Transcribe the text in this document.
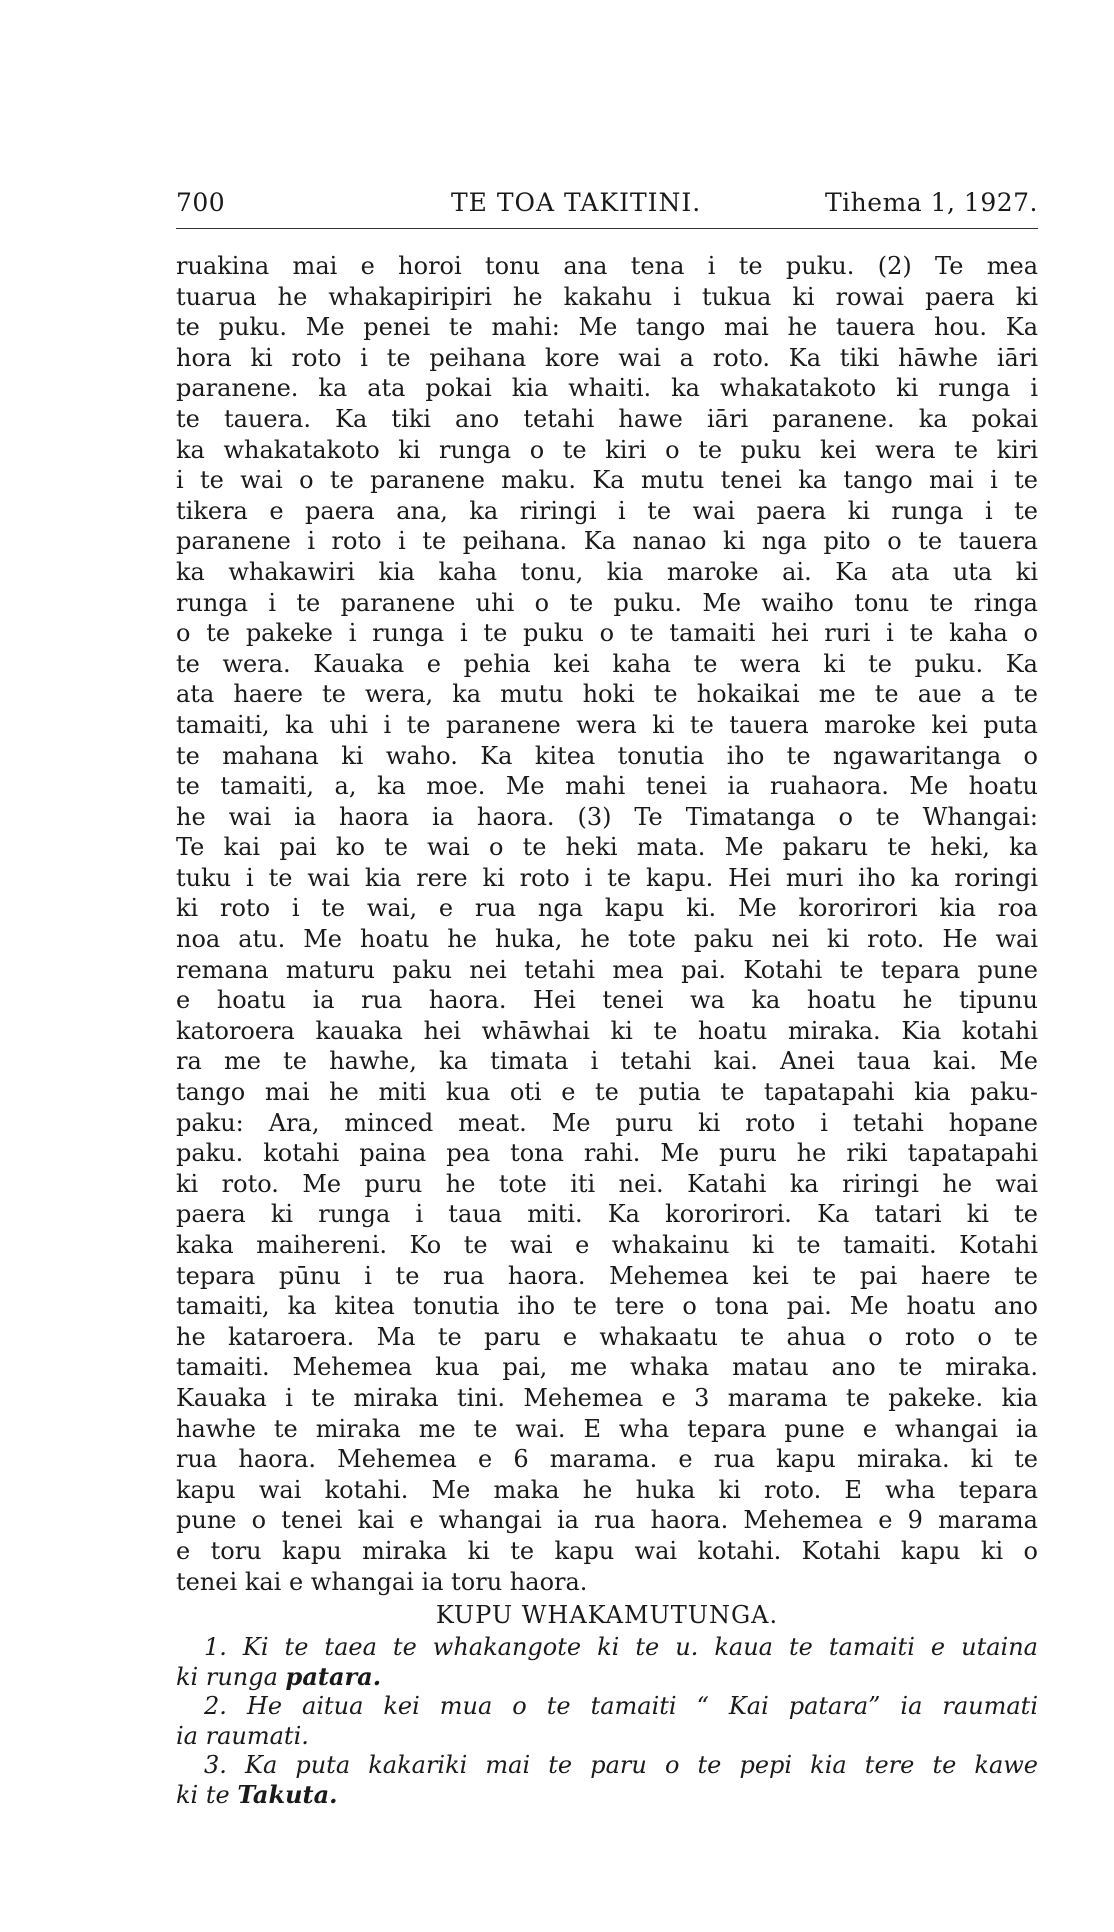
700	TE TOA TAKITINI.	Tihema 1, 1927.

ruakina mai e horoi tonu ana tena i te puku. (2) Te mea

tuarua he whakapiripiri he kakahu i tukua ki rowai paera ki

te puku. Me penei te mahi: Me tango mai he tauera hou. Ka

hora ki roto i te peihana kore wai a roto. Ka tiki hāwhe iāri

paranene. ka ata pokai kia whaiti. ka whakatakoto ki runga i

te tauera. Ka tiki ano tetahi hawe iāri paranene. ka pokai

ka whakatakoto ki runga o te kiri o te puku kei wera te kiri

i te wai o te paranene maku. Ka mutu tenei ka tango mai i te

tikera e paera ana, ka riringi i te wai paera ki runga i te

paranene i roto i te peihana. Ka nanao ki nga pito o te tauera

ka whakawiri kia kaha tonu, kia maroke ai. Ka ata uta ki

runga i te paranene uhi o te puku. Me waiho tonu te ringa

o te pakeke i runga i te puku o te tamaiti hei ruri i te kaha o

te wera. Kauaka e pehia kei kaha te wera ki te puku. Ka

ata haere te wera, ka mutu hoki te hokaikai me te aue a te

tamaiti, ka uhi i te paranene wera ki te tauera maroke kei puta

te mahana ki waho. Ka kitea tonutia iho te ngawaritanga o

te tamaiti, a, ka moe. Me mahi tenei ia ruahaora. Me hoatu

he wai ia haora ia haora. (3) Te Timatanga o te Whangai:

Te kai pai ko te wai o te heki mata. Me pakaru te heki, ka

tuku i te wai kia rere ki roto i te kapu. Hei muri iho ka roringi

ki roto i te wai, e rua nga kapu ki. Me kororirori kia roa

noa atu. Me hoatu he huka, he tote paku nei ki roto. He wai

remana maturu paku nei tetahi mea pai. Kotahi te tepara pune

e hoatu ia rua haora. Hei tenei wa ka hoatu he tipunu

katoroera kauaka hei whāwhai ki te hoatu miraka. Kia kotahi

ra me te hawhe, ka timata i tetahi kai. Anei taua kai. Me

tango mai he miti kua oti e te putia te tapatapahi kia paku-

paku: Ara, minced meat. Me puru ki roto i tetahi hopane

paku. kotahi paina pea tona rahi. Me puru he riki tapatapahi

ki roto. Me puru he tote iti nei. Katahi ka riringi he wai

paera ki runga i taua miti. Ka kororirori. Ka tatari ki te

kaka maihereni. Ko te wai e whakainu ki te tamaiti. Kotahi

tepara pūnu i te rua haora. Mehemea kei te pai haere te

tamaiti, ka kitea tonutia iho te tere o tona pai. Me hoatu ano

he kataroera. Ma te paru e whakaatu te ahua o roto o te

tamaiti. Mehemea kua pai, me whaka matau ano te miraka.

Kauaka i te miraka tini. Mehemea e 3 marama te pakeke. kia

hawhe te miraka me te wai. E wha tepara pune e whangai ia

rua haora. Mehemea e 6 marama. e rua kapu miraka. ki te

kapu wai kotahi. Me maka he huka ki roto. E wha tepara

pune o tenei kai e whangai ia rua haora. Mehemea e 9 marama

e toru kapu miraka ki te kapu wai kotahi. Kotahi kapu ki o

tenei kai e whangai ia toru haora.

KUPU WHAKAMUTUNGA.

1. Ki te taea te whakangote ki te u. kaua te tamaiti e utaina

ki runga patara.

2. He aitua kei mua o te tamaiti “ Kai patara” ia raumati

ia raumati.

3. Ka puta kakariki mai te paru o te pepi kia tere te kawe

ki te Takuta.
